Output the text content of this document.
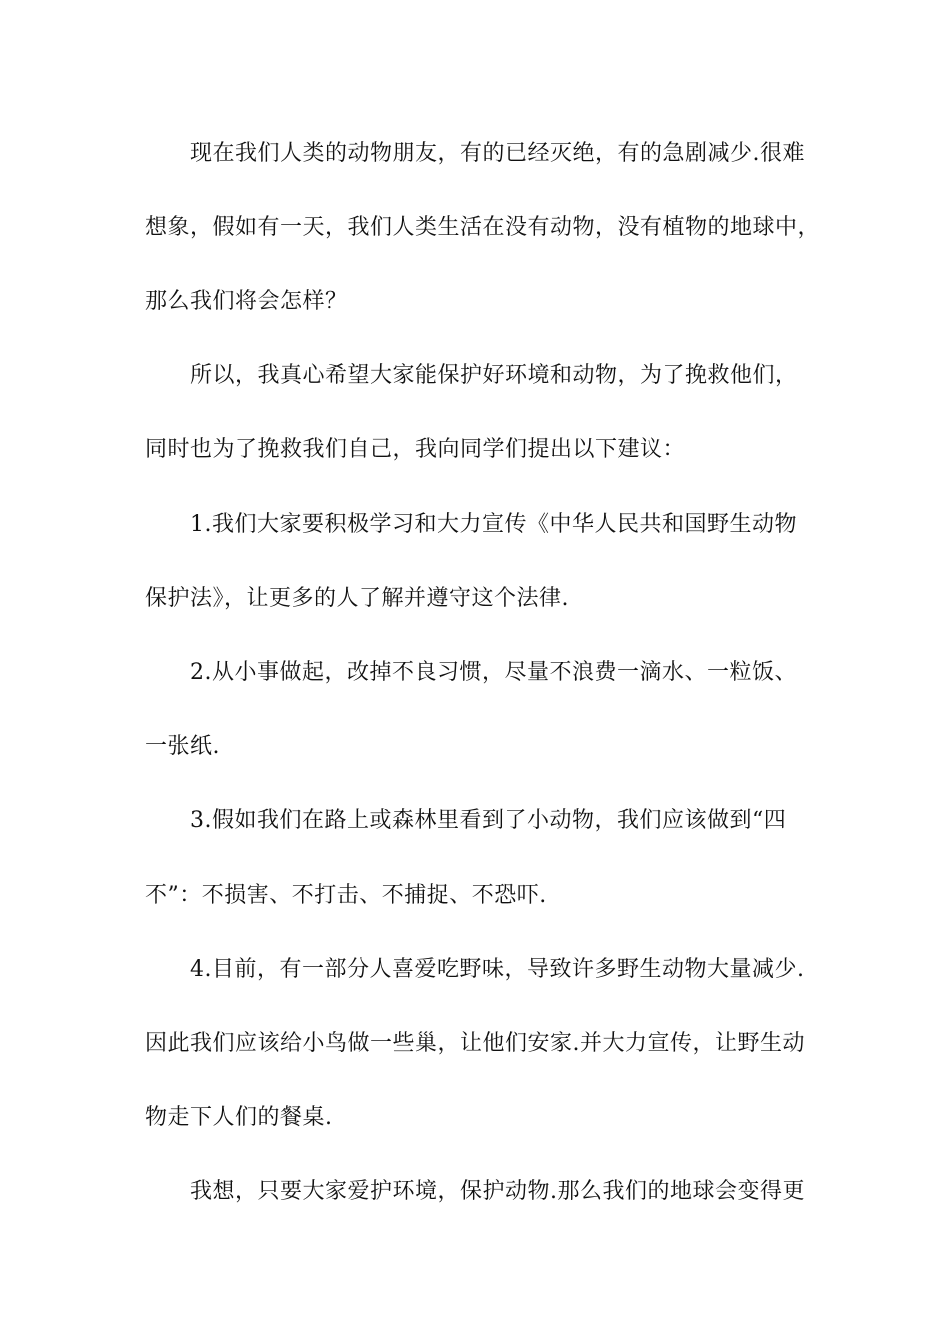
现在我们人类的动物朋友，有的已经灭绝，有的急剧减少.很难
想象，假如有一天，我们人类生活在没有动物，没有植物的地球中，
那么我们将会怎样？
所以，我真心希望大家能保护好环境和动物，为了挽救他们，
同时也为了挽救我们自己，我向同学们提出以下建议：
1.我们大家要积极学习和大力宣传《中华人民共和国野生动物
保护法》，让更多的人了解并遵守这个法律.
2.从小事做起，改掉不良习惯，尽量不浪费一滴水、一粒饭、
一张纸.
3.假如我们在路上或森林里看到了小动物，我们应该做到“四
不”：不损害、不打击、不捕捉、不恐吓.
4.目前，有一部分人喜爱吃野味，导致许多野生动物大量减少.
因此我们应该给小鸟做一些巢，让他们安家.并大力宣传，让野生动
物走下人们的餐桌.
我想，只要大家爱护环境，保护动物.那么我们的地球会变得更
